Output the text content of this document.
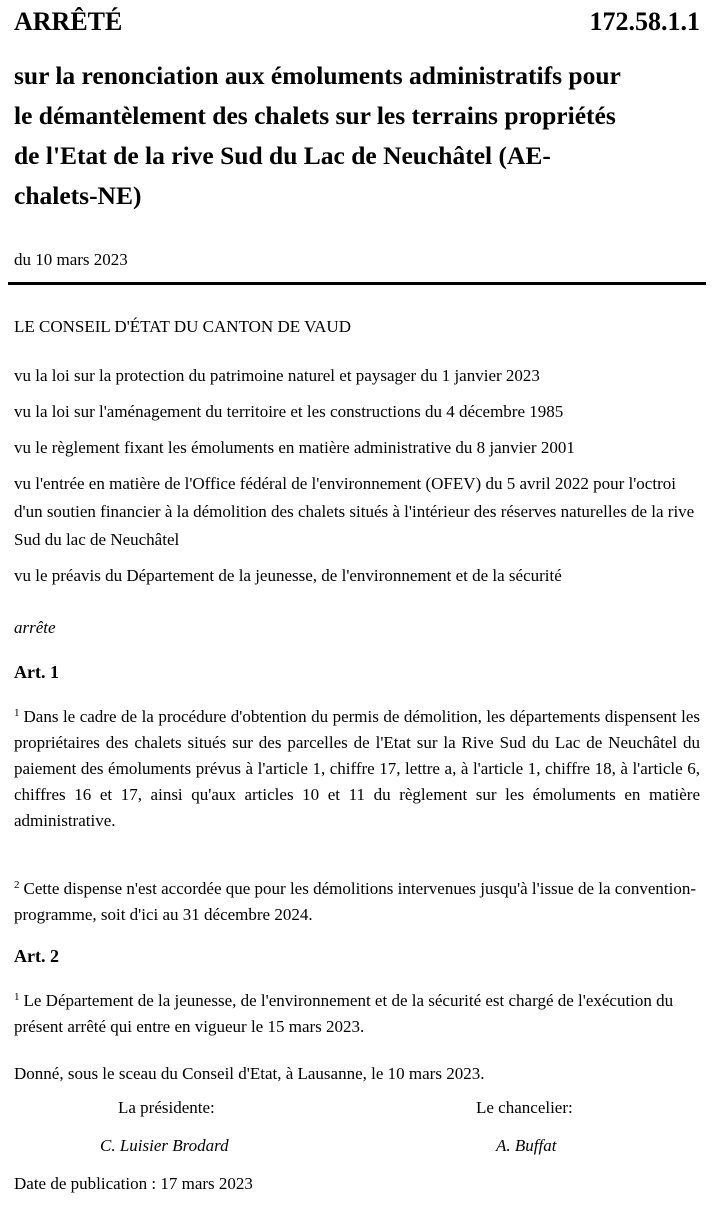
ARRÊTÉ	172.58.1.1
sur la renonciation aux émoluments administratifs pour
le démantèlement des chalets sur les terrains propriétés
de l'Etat de la rive Sud du Lac de Neuchâtel (AE-
chalets-NE)
du 10 mars 2023
LE CONSEIL D'ÉTAT DU CANTON DE VAUD
vu la loi sur la protection du patrimoine naturel et paysager du 1 janvier 2023
vu la loi sur l'aménagement du territoire et les constructions du 4 décembre 1985
vu le règlement fixant les émoluments en matière administrative du 8 janvier 2001
vu l'entrée en matière de l'Office fédéral de l'environnement (OFEV) du 5 avril 2022 pour l'octroi d'un soutien financier à la démolition des chalets situés à l'intérieur des réserves naturelles de la rive Sud du lac de Neuchâtel
vu le préavis du Département de la jeunesse, de l'environnement et de la sécurité
arrête
Art. 1
$^1$ Dans le cadre de la procédure d'obtention du permis de démolition, les départements dispensent les propriétaires des chalets situés sur des parcelles de l'Etat sur la Rive Sud du Lac de Neuchâtel du paiement des émoluments prévus à l'article 1, chiffre 17, lettre a, à l'article 1, chiffre 18, à l'article 6, chiffres 16 et 17, ainsi qu'aux articles 10 et 11 du règlement sur les émoluments en matière administrative.
$^2$ Cette dispense n'est accordée que pour les démolitions intervenues jusqu'à l'issue de la convention-programme, soit d'ici au 31 décembre 2024.
Art. 2
$^1$ Le Département de la jeunesse, de l'environnement et de la sécurité est chargé de l'exécution du présent arrêté qui entre en vigueur le 15 mars 2023.
Donné, sous le sceau du Conseil d'Etat, à Lausanne, le 10 mars 2023.
La présidente:	Le chancelier:
C. Luisier Brodard	A. Buffat
Date de publication : 17 mars 2023
